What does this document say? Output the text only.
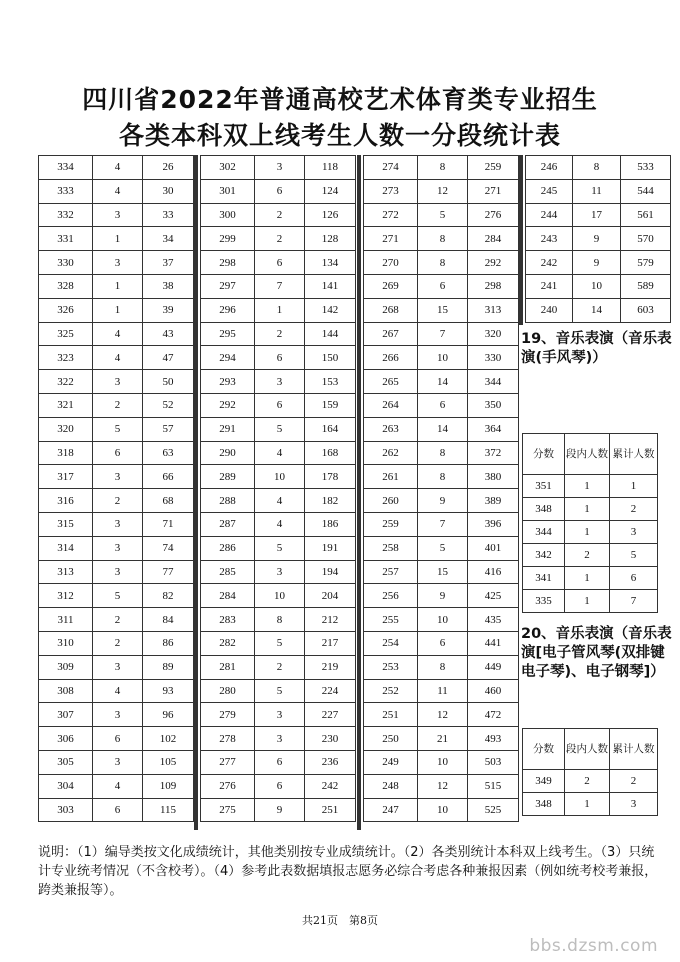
四川省2022年普通高校艺术体育类专业招生
各类本科双上线考生人数一分段统计表
334	4	26
333	4	30
332	3	33
331	1	34
330	3	37
328	1	38
326	1	39
325	4	43
323	4	47
322	3	50
321	2	52
320	5	57
318	6	63
317	3	66
316	2	68
315	3	71
314	3	74
313	3	77
312	5	82
311	2	84
310	2	86
309	3	89
308	4	93
307	3	96
306	6	102
305	3	105
304	4	109
303	6	115
302	3	118
301	6	124
300	2	126
299	2	128
298	6	134
297	7	141
296	1	142
295	2	144
294	6	150
293	3	153
292	6	159
291	5	164
290	4	168
289	10	178
288	4	182
287	4	186
286	5	191
285	3	194
284	10	204
283	8	212
282	5	217
281	2	219
280	5	224
279	3	227
278	3	230
277	6	236
276	6	242
275	9	251
274	8	259
273	12	271
272	5	276
271	8	284
270	8	292
269	6	298
268	15	313
267	7	320
266	10	330
265	14	344
264	6	350
263	14	364
262	8	372
261	8	380
260	9	389
259	7	396
258	5	401
257	15	416
256	9	425
255	10	435
254	6	441
253	8	449
252	11	460
251	12	472
250	21	493
249	10	503
248	12	515
247	10	525
246	8	533
245	11	544
244	17	561
243	9	570
242	9	579
241	10	589
240	14	603
19、音乐表演（音乐表演(手风琴)）
分数	段内人数	累计人数
351	1	1
348	1	2
344	1	3
342	2	5
341	1	6
335	1	7
20、音乐表演（音乐表演[电子管风琴(双排键电子琴)、电子钢琴]）
分数	段内人数	累计人数
349	2	2
348	1	3
说明：（1）编导类按文化成绩统计，其他类别按专业成绩统计。（2）各类别统计本科双上线考生。（3）只统计专业统考情况（不含校考）。（4）参考此表数据填报志愿务必综合考虑各种兼报因素（例如统考校考兼报，跨类兼报等）。
共21页　第8页
bbs.dzsm.com
